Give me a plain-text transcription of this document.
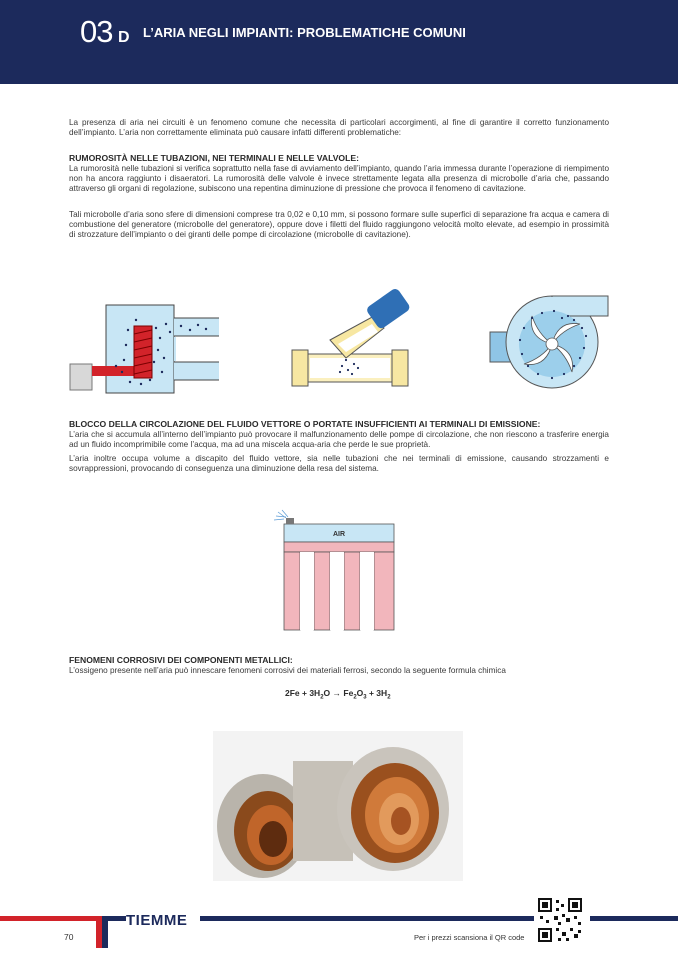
03 D L’ARIA NEGLI IMPIANTI: PROBLEMATICHE COMUNI

La presenza di aria nei circuiti è un fenomeno comune che necessita di particolari accorgimenti, al fine di garantire il corretto funzionamento dell’impianto. L’aria non correttamente eliminata può causare infatti differenti problematiche:

RUMOROSITÀ NELLE TUBAZIONI, NEI TERMINALI E NELLE VALVOLE:

La rumorosità nelle tubazioni si verifica soprattutto nella fase di avviamento dell’impianto, quando l’aria immessa durante l’operazione di riempimento non ha ancora raggiunto i disaeratori. La rumorosità delle valvole è invece strettamente legata alla presenza di microbolle d’aria che, passando attraverso gli organi di regolazione, subiscono una repentina diminuzione di pressione che provoca il fenomeno di cavitazione.

Tali microbolle d’aria sono sfere di dimensioni comprese tra 0,02 e 0,10 mm, si possono formare sulle superfici di separazione fra acqua e camera di combustione del generatore (microbolle del generatore), oppure dove i filetti del fluido raggiungono velocità molto elevate, ad esempio in prossimità di strozzature dell’impianto o dei giranti delle pompe di circolazione (microbolle di cavitazione).

BLOCCO DELLA CIRCOLAZIONE DEL FLUIDO VETTORE O PORTATE INSUFFICIENTI AI TERMINALI DI EMISSIONE:

L’aria che si accumula all’interno dell’impianto può provocare il malfunzionamento delle pompe di circolazione, che non riescono a trasferire energia ad un fluido incomprimibile come l’acqua, ma ad una miscela acqua-aria che perde le sue proprietà.

L’aria inoltre occupa volume a discapito del fluido vettore, sia nelle tubazioni che nei terminali di emissione, causando strozzamenti e sovrappressioni, provocando di conseguenza una diminuzione della resa del sistema.

AIR

FENOMENI CORROSIVI DEI COMPONENTI METALLICI:

L’ossigeno presente nell’aria può innescare fenomeni corrosivi dei materiali ferrosi, secondo la seguente formula chimica

$2Fe + 3H_2O \to Fe_2O_3 + 3H_2$
TIEMME
70	Per i prezzi scansiona il QR code
